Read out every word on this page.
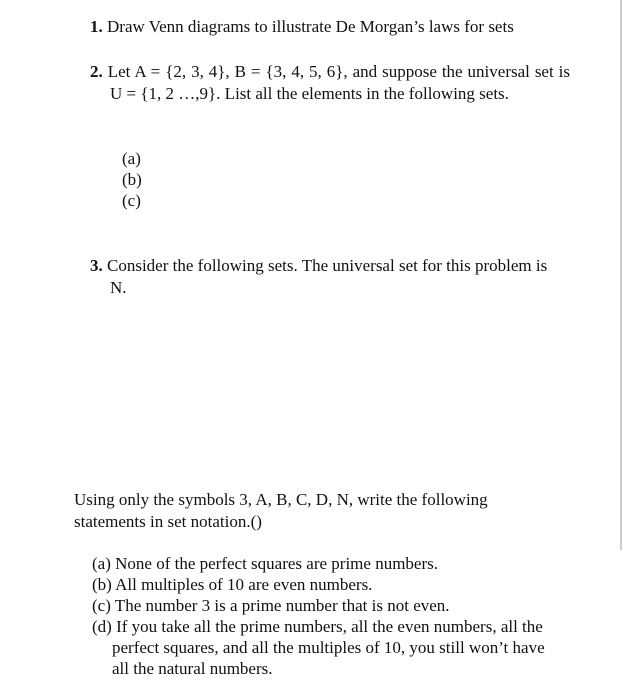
1. Draw Venn diagrams to illustrate De Morgan’s laws for sets
2. Let A = {2, 3, 4}, B = {3, 4, 5, 6}, and suppose the universal set is U = {1, 2 …,9}. List all the elements in the following sets.
(a)
(b)
(c)
3. Consider the following sets. The universal set for this problem is N.
Using only the symbols 3, A, B, C, D, N, write the following statements in set notation.()
(a) None of the perfect squares are prime numbers.
(b) All multiples of 10 are even numbers.
(c) The number 3 is a prime number that is not even.
(d) If you take all the prime numbers, all the even numbers, all the perfect squares, and all the multiples of 10, you still won’t have all the natural numbers.
